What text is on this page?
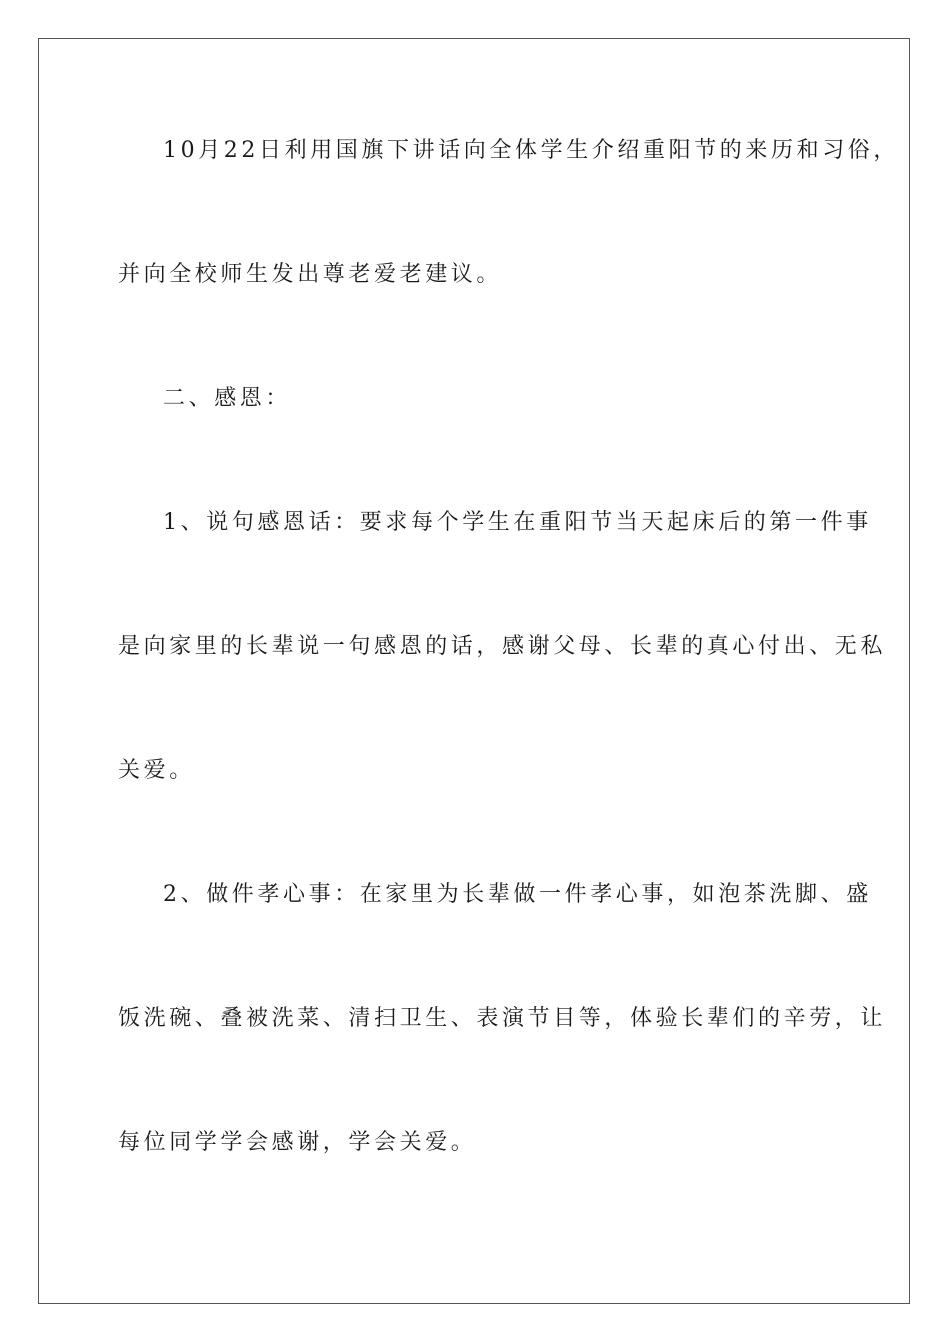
10月22日利用国旗下讲话向全体学生介绍重阳节的来历和习俗，
并向全校师生发出尊老爱老建议。
二、感恩：
1、说句感恩话：要求每个学生在重阳节当天起床后的第一件事
是向家里的长辈说一句感恩的话，感谢父母、长辈的真心付出、无私
关爱。
2、做件孝心事：在家里为长辈做一件孝心事，如泡茶洗脚、盛
饭洗碗、叠被洗菜、清扫卫生、表演节目等，体验长辈们的辛劳，让
每位同学学会感谢，学会关爱。
